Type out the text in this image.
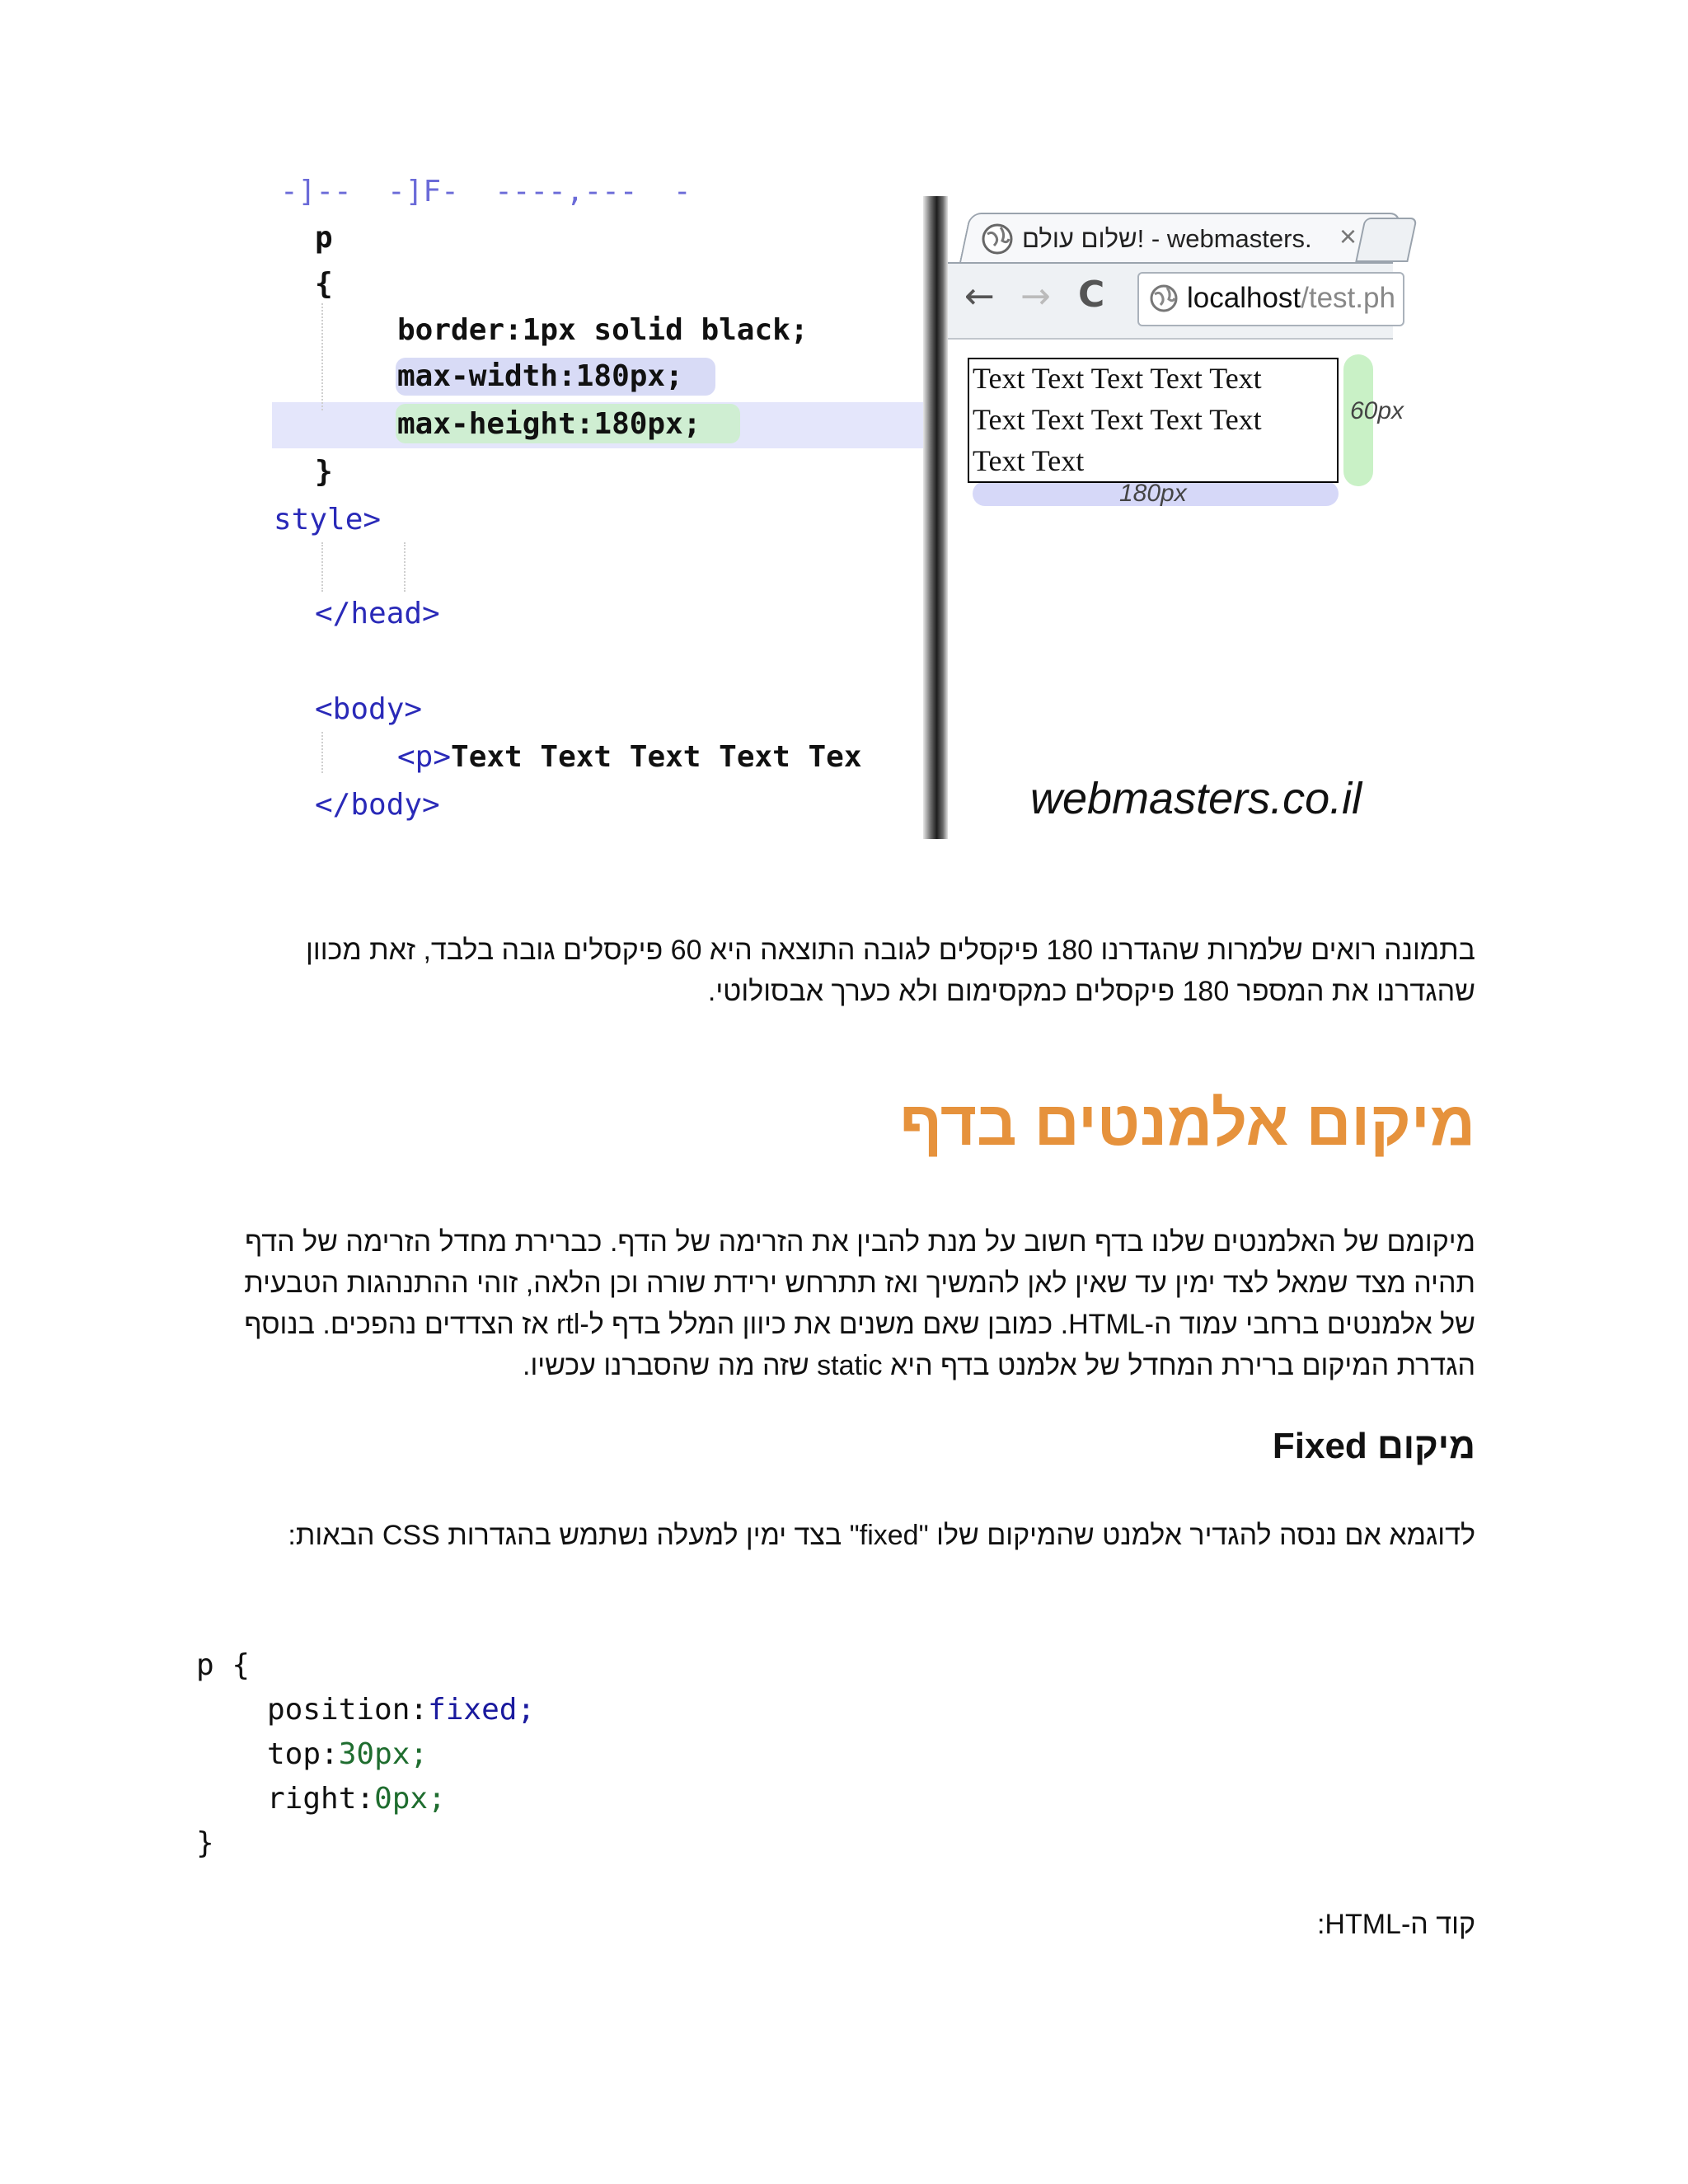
-]--  -]F-  ----,---  -
p
{
border:1px solid black;
max-width:180px;
max-height:180px;
}
style>
</head>
<body>
<p>Text Text Text Text Tex
</body>
שלום עולם! - webmasters. ×
← → C	localhost/test.ph
Text Text Text Text Text
Text Text Text Text Text
Text Text
60px
180px
webmasters.co.il
בתמונה רואים שלמרות שהגדרנו 180 פיקסלים לגובה התוצאה היא 60 פיקסלים גובה בלבד, זאת מכוון
שהגדרנו את המספר 180 פיקסלים כמקסימום ולא כערך אבסולוטי.
מיקום אלמנטים בדף
מיקומם של האלמנטים שלנו בדף חשוב על מנת להבין את הזרימה של הדף. כברירת מחדל הזרימה של הדף
תהיה מצד שמאל לצד ימין עד שאין לאן להמשיך ואז תתרחש ירידת שורה וכן הלאה, זוהי ההתנהגות הטבעית
של אלמנטים ברחבי עמוד ה-HTML. כמובן שאם משנים את כיוון המלל בדף ל-rtl אז הצדדים נהפכים. בנוסף
הגדרת המיקום ברירת המחדל של אלמנט בדף היא static שזה מה שהסברנו עכשיו.
מיקום Fixed
לדוגמא אם ננסה להגדיר אלמנט שהמיקום שלו "fixed" בצד ימין למעלה נשתמש בהגדרות CSS הבאות:
p {
position:fixed;
top:30px;
right:0px;
}
קוד ה-HTML:
